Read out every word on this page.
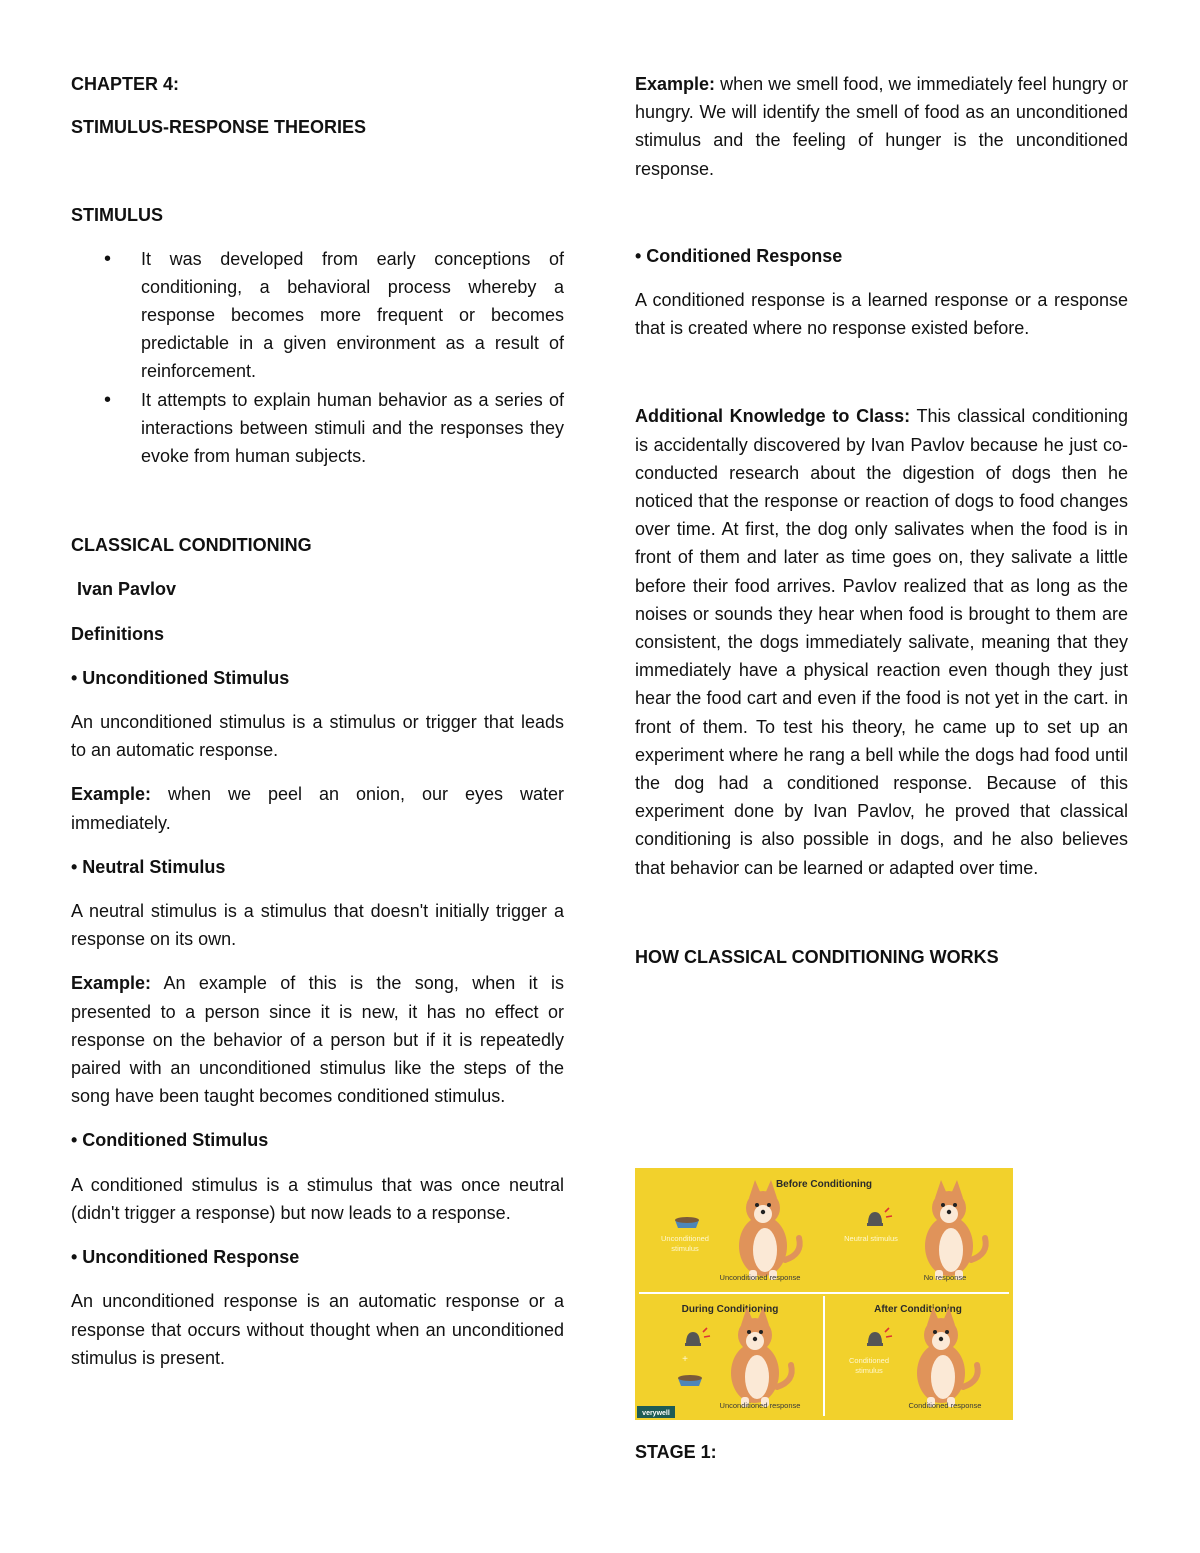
CHAPTER 4:

STIMULUS-RESPONSE THEORIES

STIMULUS

• It was developed from early conceptions of conditioning, a behavioral process whereby a response becomes more frequent or becomes predictable in a given environment as a result of reinforcement.
• It attempts to explain human behavior as a series of interactions between stimuli and the responses they evoke from human subjects.

CLASSICAL CONDITIONING

Ivan Pavlov

Definitions

• Unconditioned Stimulus

An unconditioned stimulus is a stimulus or trigger that leads to an automatic response.

Example: when we peel an onion, our eyes water immediately.

• Neutral Stimulus

A neutral stimulus is a stimulus that doesn't initially trigger a response on its own.

Example: An example of this is the song, when it is presented to a person since it is new, it has no effect or response on the behavior of a person but if it is repeatedly paired with an unconditioned stimulus like the steps of the song have been taught becomes conditioned stimulus.

• Conditioned Stimulus

A conditioned stimulus is a stimulus that was once neutral (didn't trigger a response) but now leads to a response.

• Unconditioned Response

An unconditioned response is an automatic response or a response that occurs without thought when an unconditioned stimulus is present.

Example: when we smell food, we immediately feel hungry or hungry. We will identify the smell of food as an unconditioned stimulus and the feeling of hunger is the unconditioned response.

• Conditioned Response

A conditioned response is a learned response or a response that is created where no response existed before.

Additional Knowledge to Class: This classical conditioning is accidentally discovered by Ivan Pavlov because he just co-conducted research about the digestion of dogs then he noticed that the response or reaction of dogs to food changes over time. At first, the dog only salivates when the food is in front of them and later as time goes on, they salivate a little before their food arrives. Pavlov realized that as long as the noises or sounds they hear when food is brought to them are consistent, the dogs immediately salivate, meaning that they immediately have a physical reaction even though they just hear the food cart and even if the food is not yet in the cart. in front of them. To test his theory, he came up to set up an experiment where he rang a bell while the dogs had food until the dog had a conditioned response. Because of this experiment done by Ivan Pavlov, he proved that classical conditioning is also possible in dogs, and he also believes that behavior can be learned or adapted over time.

HOW CLASSICAL CONDITIONING WORKS

Before Conditioning
During Conditioning	After Conditioning
Unconditioned
stimulus
Unconditioned response
Neutral stimulus
No response
+
Unconditioned response
Conditioned
stimulus
Conditioned response
verywell

STAGE 1:
